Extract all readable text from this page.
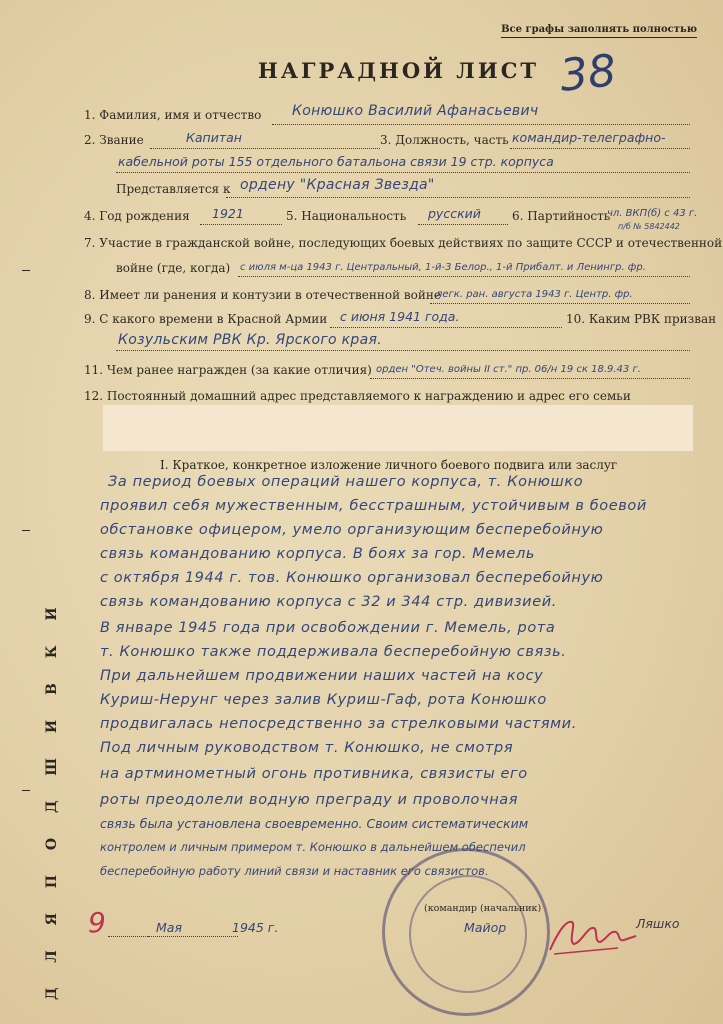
Все графы заполнять полностью
НАГРАДНОЙ ЛИСТ 38
Д Л Я П О Д Ш И В К И
1. Фамилия, имя и отчество Конюшко Василий Афанасьевич
2. Звание	Капитан	3. Должность, часть командир-телеграфно-
кабельной роты 155 отдельного батальона связи 19 стр. корпуса
Представляется к ордену "Красная Звезда"
4. Год рождения 1921	5. Национальность русский	6. Партийность
чл. ВКП(б) с 43 г.
п/б № 5842442
7. Участие в гражданской войне, последующих боевых действиях по защите СССР и отечественной
войне (где, когда) с июля м-ца 1943 г. Центральный, 1-й-3 Белор., 1-й Прибалт. и Ленингр. фр.
8. Имеет ли ранения и контузии в отечественной войне
легк. ран. августа 1943 г. Центр. фр.
9. С какого времени в Красной Армии с июня 1941 года.	10. Каким РВК призван
Козульским РВК Кр. Ярского края.
11. Чем ранее награжден (за какие отличия) орден "Отеч. войны II ст." пр. 06/н 19 ск 18.9.43 г.
12. Постоянный домашний адрес представляемого к награждению и адрес его семьи
I. Краткое, конкретное изложение личного боевого подвига или заслуг
За период боевых операций нашего корпуса, т. Конюшко
проявил себя мужественным, бесстрашным, устойчивым в боевой
обстановке офицером, умело организующим бесперебойную
связь командованию корпуса. В боях за гор. Мемель
с октября 1944 г. тов. Конюшко организовал бесперебойную
связь командованию корпуса с 32 и 344 стр. дивизией.
В январе 1945 года при освобождении г. Мемель, рота
т. Конюшко также поддерживала бесперебойную связь.
При дальнейшем продвижении наших частей на косу
Куриш-Нерунг через залив Куриш-Гаф, рота Конюшко
продвигалась непосредственно за стрелковыми частями.
Под личным руководством т. Конюшко, не смотря
на артминометный огонь противника, связисты его
роты преодолели водную преграду и проволочная
связь была установлена своевременно. Своим систематическим
контролем и личным примером т. Конюшко в дальнейшем обеспечил
бесперебойную работу линий связи и наставник его связистов.
9	Мая	1945 г.
(командир (начальник)
Майор	Ляшко
